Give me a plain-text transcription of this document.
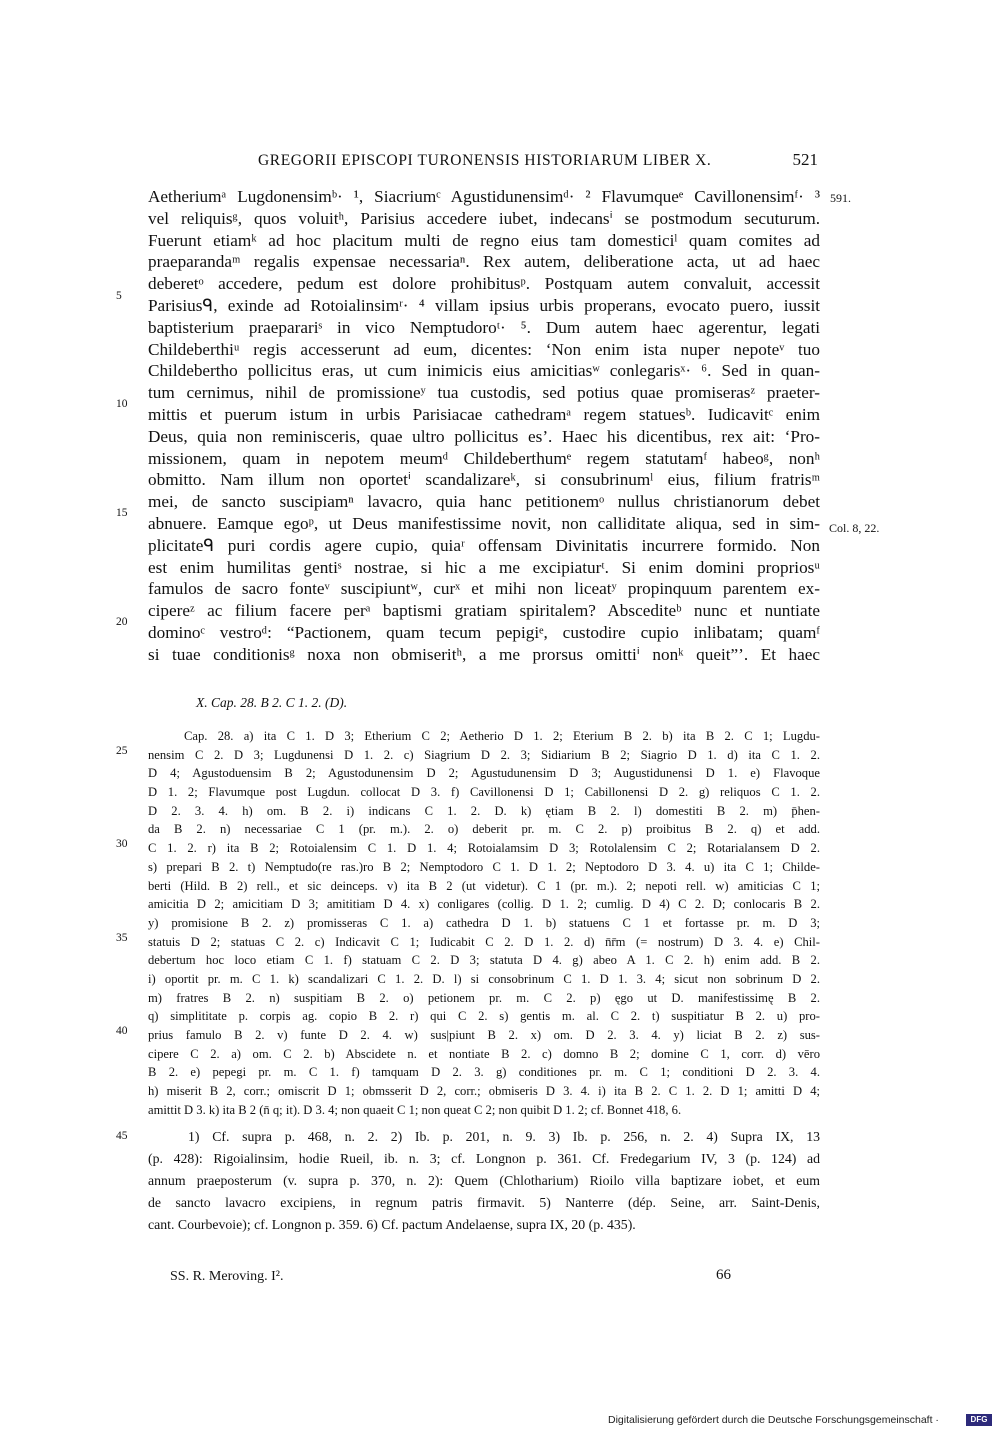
GREGORII EPISCOPI TURONENSIS HISTORIARUM LIBER X.	521
591.
Col. 8, 22.
5
10
15
20
Aetheriumᵃ Lugdonensimᵇ· ¹, Siacriumᶜ Agustidunensimᵈ· ² Flavumqueᵉ Cavillonensimᶠ· ³
vel reliquisᵍ, quos voluitʰ, Parisius accedere iubet, indecansⁱ se postmodum secuturum.
Fuerunt etiamᵏ ad hoc placitum multi de regno eius tam domesticiˡ quam comites ad
praeparandaᵐ regalis expensae necessariaⁿ. Rex autem, deliberatione acta, ut ad haec
deberetᵒ accedere, pedum est dolore prohibitusᵖ. Postquam autem convaluit, accessit
Parisiusᑫ, exinde ad Rotoialinsimʳ· ⁴ villam ipsius urbis properans, evocato puero, iussit
baptisterium praeparariˢ in vico Nemptudoroᵗ· ⁵. Dum autem haec agerentur, legati
Childeberthiᵘ regis accesserunt ad eum, dicentes: ‘Non enim ista nuper nepoteᵛ tuo
Childebertho pollicitus eras, ut cum inimicis eius amicitiasʷ conlegarisˣ· ⁶. Sed in quan-
tum cernimus, nihil de promissioneʸ tua custodis, sed potius quae promiserasᶻ praeter-
mittis et puerum istum in urbis Parisiacae cathedramᵃ regem statuesᵇ. Iudicavitᶜ enim
Deus, quia non reminisceris, quae ultro pollicitus es’. Haec his dicentibus, rex ait: ‘Pro-
missionem, quam in nepotem meumᵈ Childeberthumᵉ regem statutamᶠ habeoᵍ, nonʰ
obmitto. Nam illum non oportetⁱ scandalizareᵏ, si consubrinumˡ eius, filium fratrisᵐ
mei, de sancto suscipiamⁿ lavacro, quia hanc petitionemᵒ nullus christianorum debet
abnuere. Eamque egoᵖ, ut Deus manifestissime novit, non calliditate aliqua, sed in sim-
plicitateᑫ puri cordis agere cupio, quiaʳ offensam Divinitatis incurrere formido. Non
est enim humilitas gentiˢ nostrae, si hic a me excipiaturᵗ. Si enim domini propriosᵘ
famulos de sacro fonteᵛ suscipiuntʷ, curˣ et mihi non liceatʸ propinquum parentem ex-
cipereᶻ ac filium facere perᵃ baptismi gratiam spiritalem? Abscediteᵇ nunc et nuntiate
dominoᶜ vestroᵈ: “Pactionem, quam tecum pepigiᵉ, custodire cupio inlibatam; quamᶠ
si tuae conditionisᵍ noxa non obmiseritʰ, a me prorsus omittiⁱ nonᵏ queit”’. Et haec
X. Cap. 28. B 2. C 1. 2. (D).
25
30
35
40
Cap. 28. a) ita C 1. D 3; Etherium C 2; Aetherio D 1. 2; Eterium B 2. b) ita B 2. C 1; Lugdu-
nensim C 2. D 3; Lugdunensi D 1. 2. c) Siagrium D 2. 3; Sidiarium B 2; Siagrio D 1. d) ita C 1. 2.
D 4; Agustoduensim B 2; Agustodunensim D 2; Agustudunensim D 3; Augustidunensi D 1. e) Flavoque
D 1. 2; Flavumque post Lugdun. collocat D 3. f) Cavillonensi D 1; Cabillonensi D 2. g) reliquos C 1. 2.
D 2. 3. 4. h) om. B 2. i) indicans C 1. 2. D. k) ętiam B 2. l) domestiti B 2. m) p̄hen-
da B 2. n) necessariae C 1 (pr. m.). 2. o) deberit pr. m. C 2. p) proibitus B 2. q) et add.
C 1. 2. r) ita B 2; Rotoialensim C 1. D 1. 4; Rotoialamsim D 3; Rotolalensim C 2; Rotarialansem D 2.
s) prepari B 2. t) Nemptudo(re ras.)ro B 2; Nemptodoro C 1. D 1. 2; Neptodoro D 3. 4. u) ita C 1; Childe-
berti (Hild. B 2) rell., et sic deinceps. v) ita B 2 (ut videtur). C 1 (pr. m.). 2; nepoti rell. w) amiticias C 1;
amicitia D 2; amicitiam D 3; amititiam D 4. x) conligares (collig. D 1. 2; cumlig. D 4) C 2. D; conlocaris B 2.
y) promisione B 2. z) promisseras C 1. a) cathedra D 1. b) statuens C 1 et fortasse pr. m. D 3;
statuis D 2; statuas C 2. c) Indicavit C 1; Iudicabit C 2. D 1. 2. d) n̄r̄m (= nostrum) D 3. 4. e) Chil-
debertum hoc loco etiam C 1. f) statuam C 2. D 3; statuta D 4. g) abeo A 1. C 2. h) enim add. B 2.
i) oportit pr. m. C 1. k) scandalizari C 1. 2. D. l) si consobrinum C 1. D 1. 3. 4; sicut non sobrinum D 2.
m) fratres B 2. n) suspitiam B 2. o) petionem pr. m. C 2. p) ęgo ut D. manifestissimę B 2.
q) simplititate p. corpis ag. copio B 2. r) qui C 2. s) gentis m. al. C 2. t) suspitiatur B 2. u) pro-
prius famulo B 2. v) funte D 2. 4. w) sus|piunt B 2. x) om. D 2. 3. 4. y) liciat B 2. z) sus-
cipere C 2. a) om. C 2. b) Abscidete n. et nontiate B 2. c) domno B 2; domine C 1, corr. d) vēro
B 2. e) pepegi pr. m. C 1. f) tamquam D 2. 3. g) conditiones pr. m. C 1; conditioni D 2. 3. 4.
h) miserit B 2, corr.; omiscrit D 1; obmsserit D 2, corr.; obmiseris D 3. 4. i) ita B 2. C 1. 2. D 1; amitti D 4;
amittit D 3. k) ita B 2 (n̄ q; it). D 3. 4; non quaeit C 1; non queat C 2; non quibit D 1. 2; cf. Bonnet 418, 6.
45	1) Cf. supra p. 468, n. 2. 2) Ib. p. 201, n. 9. 3) Ib. p. 256, n. 2. 4) Supra IX, 13
(p. 428): Rigoialinsim, hodie Rueil, ib. n. 3; cf. Longnon p. 361. Cf. Fredegarium IV, 3 (p. 124) ad
annum praeposterum (v. supra p. 370, n. 2): Quem (Chlotharium) Rioilo villa baptizare iobet, et eum
de sancto lavacro excipiens, in regnum patris firmavit. 5) Nanterre (dép. Seine, arr. Saint-Denis,
cant. Courbevoie); cf. Longnon p. 359. 6) Cf. pactum Andelaense, supra IX, 20 (p. 435).
SS. R. Meroving. I².	66
Digitalisierung gefördert durch die Deutsche Forschungsgemeinschaft ·	DFG
